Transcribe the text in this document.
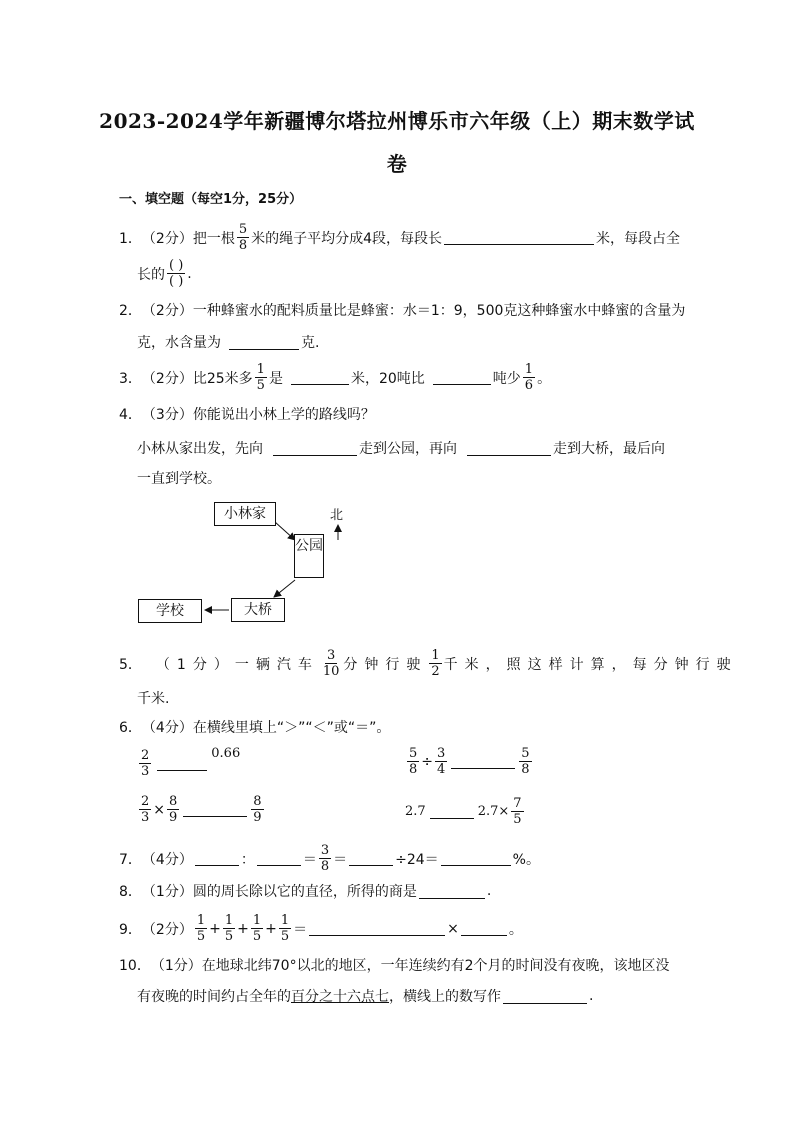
2023-2024学年新疆博尔塔拉州博乐市六年级（上）期末数学试
卷
一、填空题（每空1分，25分）
1． （2分） 把一根 $\frac{5}{8}$ 米的绳子平均分成4段，每段长	米，每段占全
长的 $\frac{( )}{( )}$ .
2． （2分） 一种蜂蜜水的配料质量比是蜂蜜：水＝1：9，500克这种蜂蜜水中蜂蜜的含量为
克，水含量为	克.
3． （2分） 比25米多 $\frac{1}{5}$ 是	米，20吨比	吨少 $\frac{1}{6}$ 。
4． （3分） 你能说出小林上学的路线吗？
小林从家出发，先向	走到公园，再向	走到大桥，最后向
一直到学校。
小林家
公园
大桥
学校
北
5． （1分） 一辆汽车 $\frac{3}{10}$ 分钟行驶 $\frac{1}{2}$ 千米，照这样计算，每分钟行驶
千米.
6． （4分） 在横线里填上“＞”“＜”或“＝”。
$\frac{2}{3}$	0.66	$\frac{5}{8} \div \frac{3}{4}$	$\frac{5}{8}$
$\frac{2}{3} \times \frac{8}{9}$	$\frac{8}{9}$	2.7	$2.7\times \frac{7}{5}$
7． （4分）	：	＝ $\frac{3}{8}$ ＝	÷24＝	%。
8． （1分） 圆的周长除以它的直径，所得的商是	.
9． （2分） $\frac{1}{5} + \frac{1}{5} + \frac{1}{5} + \frac{1}{5}$ ＝	×	。
10． （1分） 在地球北纬70°以北的地区，一年连续约有2个月的时间没有夜晚，该地区没
有夜晚的时间约占全年的 百分之十六点七 ，横线上的数写作	.
